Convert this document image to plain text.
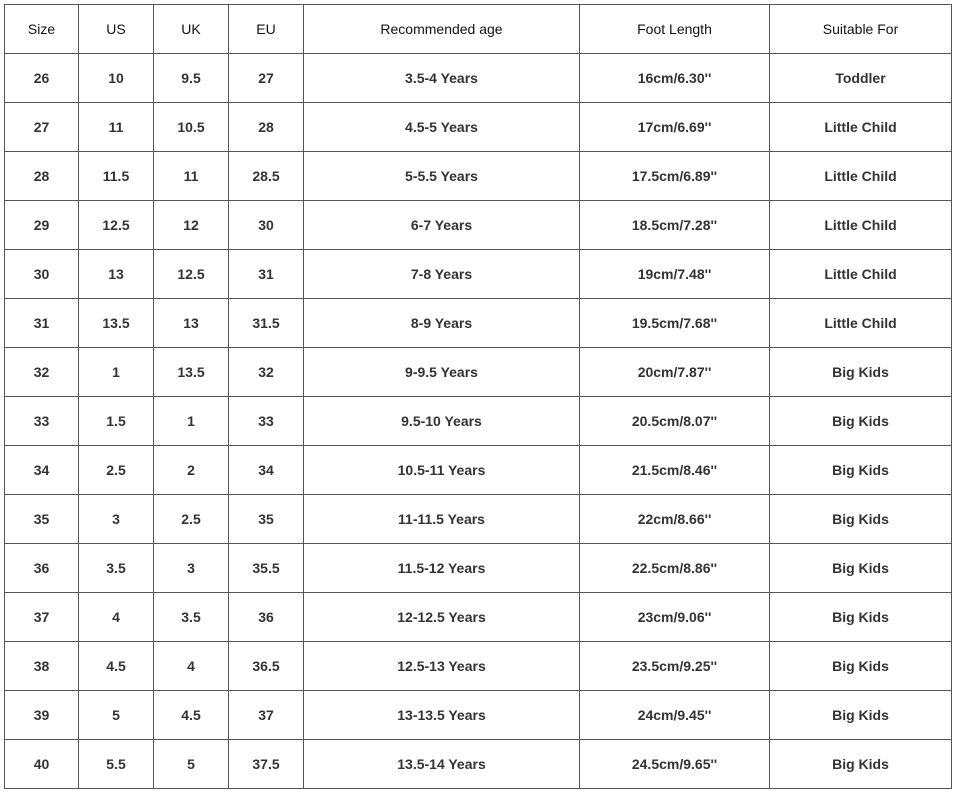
Size	US	UK	EU	Recommended age	Foot Length	Suitable For
26	10	9.5	27	3.5-4 Years	16cm/6.30''	Toddler
27	11	10.5	28	4.5-5 Years	17cm/6.69''	Little Child
28	11.5	11	28.5	5-5.5 Years	17.5cm/6.89''	Little Child
29	12.5	12	30	6-7 Years	18.5cm/7.28''	Little Child
30	13	12.5	31	7-8 Years	19cm/7.48''	Little Child
31	13.5	13	31.5	8-9 Years	19.5cm/7.68''	Little Child
32	1	13.5	32	9-9.5 Years	20cm/7.87''	Big Kids
33	1.5	1	33	9.5-10 Years	20.5cm/8.07''	Big Kids
34	2.5	2	34	10.5-11 Years	21.5cm/8.46''	Big Kids
35	3	2.5	35	11-11.5 Years	22cm/8.66''	Big Kids
36	3.5	3	35.5	11.5-12 Years	22.5cm/8.86''	Big Kids
37	4	3.5	36	12-12.5 Years	23cm/9.06''	Big Kids
38	4.5	4	36.5	12.5-13 Years	23.5cm/9.25''	Big Kids
39	5	4.5	37	13-13.5 Years	24cm/9.45''	Big Kids
40	5.5	5	37.5	13.5-14 Years	24.5cm/9.65''	Big Kids
